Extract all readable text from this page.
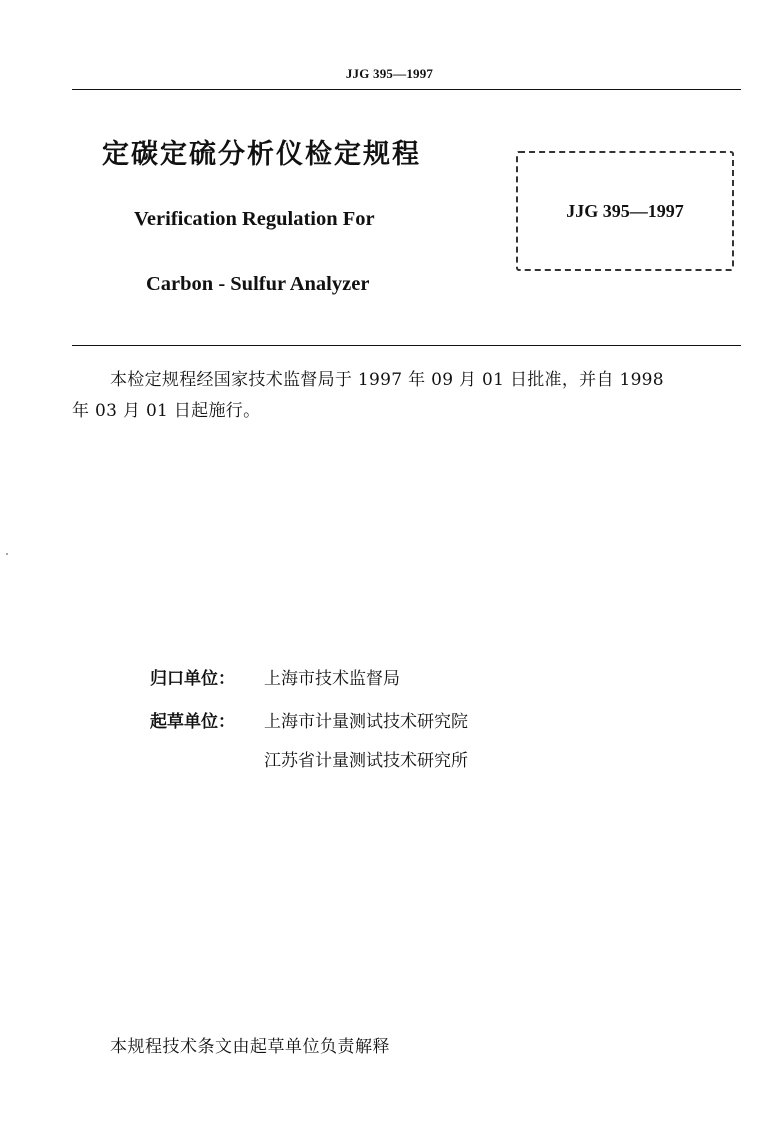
JJG 395—1997
定碳定硫分析仪检定规程
Verification Regulation For
Carbon - Sulfur Analyzer
JJG 395—1997
本检定规程经国家技术监督局于 1997 年 09 月 01 日批准，并自 1998
年 03 月 01 日起施行。
归口单位： 上海市技术监督局
起草单位： 上海市计量测试技术研究院
江苏省计量测试技术研究所
本规程技术条文由起草单位负责解释
